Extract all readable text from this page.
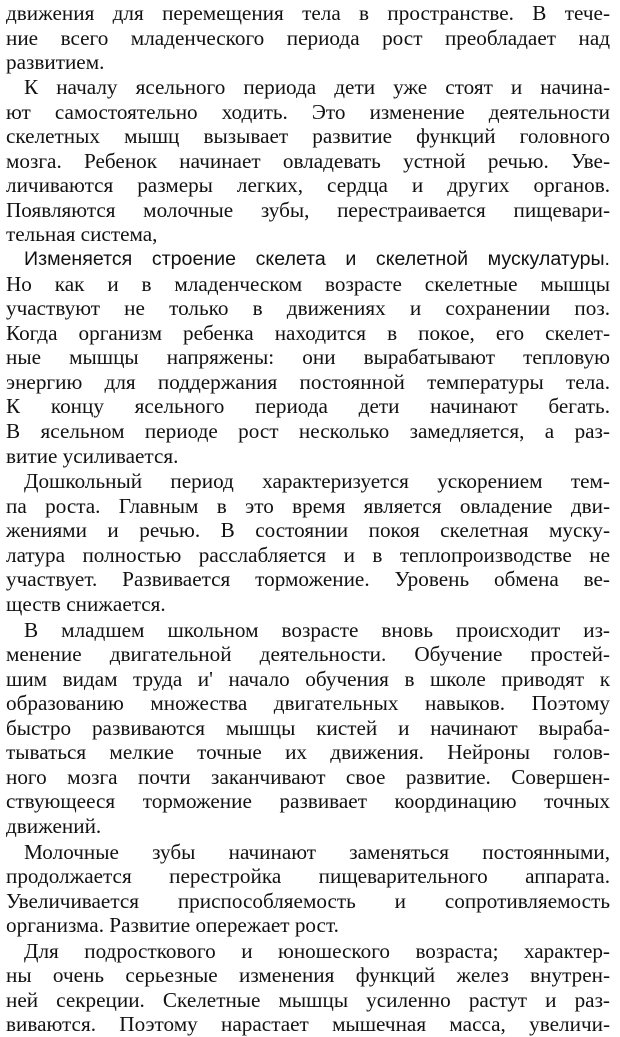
движения для перемещения тела в пространстве. В тече-
ние всего младенческого периода рост преобладает над
развитием.
К началу ясельного периода дети уже стоят и начина-
ют самостоятельно ходить. Это изменение деятельности
скелетных мышц вызывает развитие функций головного
мозга. Ребенок начинает овладевать устной речью. Уве-
личиваются размеры легких, сердца и других органов.
Появляются молочные зубы, перестраивается пищевари-
тельная система,
Изменяется строение скелета и скелетной мускулатуры.
Но как и в младенческом возрасте скелетные мышцы
участвуют не только в движениях и сохранении поз.
Когда организм ребенка находится в покое, его скелет-
ные мышцы напряжены: они вырабатывают тепловую
энергию для поддержания постоянной температуры тела.
К концу ясельного периода дети начинают бегать.
В ясельном периоде рост несколько замедляется, а раз-
витие усиливается.
Дошкольный период характеризуется ускорением тем-
па роста. Главным в это время является овладение дви-
жениями и речью. В состоянии покоя скелетная муску-
латура полностью расслабляется и в теплопроизводстве не
участвует. Развивается торможение. Уровень обмена ве-
ществ снижается.
В младшем школьном возрасте вновь происходит из-
менение двигательной деятельности. Обучение простей-
шим видам труда и' начало обучения в школе приводят к
образованию множества двигательных навыков. Поэтому
быстро развиваются мышцы кистей и начинают выраба-
тываться мелкие точные их движения. Нейроны голов-
ного мозга почти заканчивают свое развитие. Совершен-
ствующееся торможение развивает координацию точных
движений.
Молочные зубы начинают заменяться постоянными,
продолжается перестройка пищеварительного аппарата.
Увеличивается приспособляемость и сопротивляемость
организма. Развитие опережает рост.
Для подросткового и юношеского возраста; характер-
ны очень серьезные изменения функций желез внутрен-
ней секреции. Скелетные мышцы усиленно растут и раз-
виваются. Поэтому нарастает мышечная масса, увеличи-
